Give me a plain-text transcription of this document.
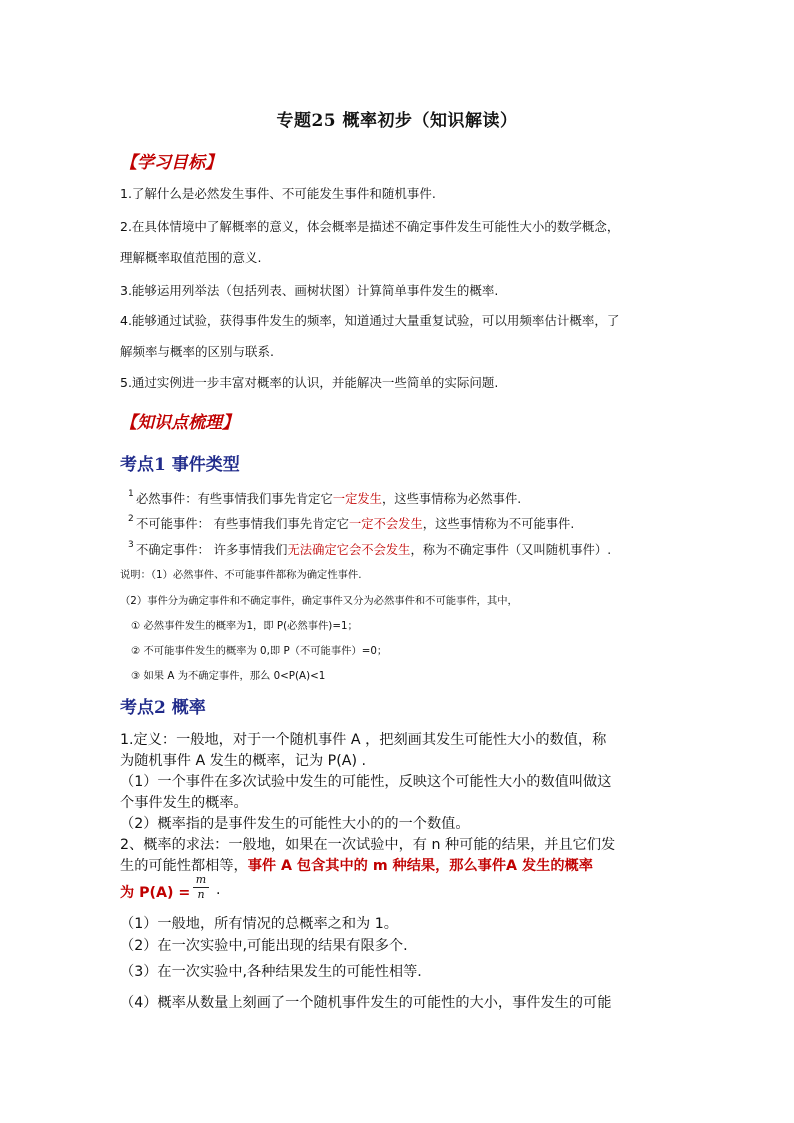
专题25 概率初步（知识解读）
【学习目标】
1.了解什么是必然发生事件、不可能发生事件和随机事件.
2.在具体情境中了解概率的意义，体会概率是描述不确定事件发生可能性大小的数学概念，
理解概率取值范围的意义.
3.能够运用列举法（包括列表、画树状图）计算简单事件发生的概率.
4.能够通过试验，获得事件发生的频率，知道通过大量重复试验，可以用频率估计概率，了
解频率与概率的区别与联系.
5.通过实例进一步丰富对概率的认识，并能解决一些简单的实际问题.
【知识点梳理】
考点1 事件类型
1 必然事件：有些事情我们事先肯定它一定发生，这些事情称为必然事件.
2 不可能事件： 有些事情我们事先肯定它一定不会发生，这些事情称为不可能事件.
3 不确定事件： 许多事情我们无法确定它会不会发生，称为不确定事件（又叫随机事件）.
说明：（1）必然事件、不可能事件都称为确定性事件.
（2）事件分为确定事件和不确定事件，确定事件又分为必然事件和不可能事件，其中，
① 必然事件发生的概率为1，即 P(必然事件)=1；
② 不可能事件发生的概率为 0,即 P（不可能事件）=0；
③ 如果 A 为不确定事件，那么 0<P(A)<1
考点2 概率
1.定义：一般地，对于一个随机事件 A ，把刻画其发生可能性大小的数值，称
为随机事件 A 发生的概率，记为 P(A) .
（1）一个事件在多次试验中发生的可能性，反映这个可能性大小的数值叫做这
个事件发生的概率。
（2）概率指的是事件发生的可能性大小的的一个数值。
2、概率的求法：一般地，如果在一次试验中，有 n 种可能的结果，并且它们发
生的可能性都相等，事件 A 包含其中的 m 种结果，那么事件A 发生的概率
为 P(A) =
m
n .
（1）一般地，所有情况的总概率之和为 1。
（2）在一次实验中,可能出现的结果有限多个.
（3）在一次实验中,各种结果发生的可能性相等.
（4）概率从数量上刻画了一个随机事件发生的可能性的大小，事件发生的可能
